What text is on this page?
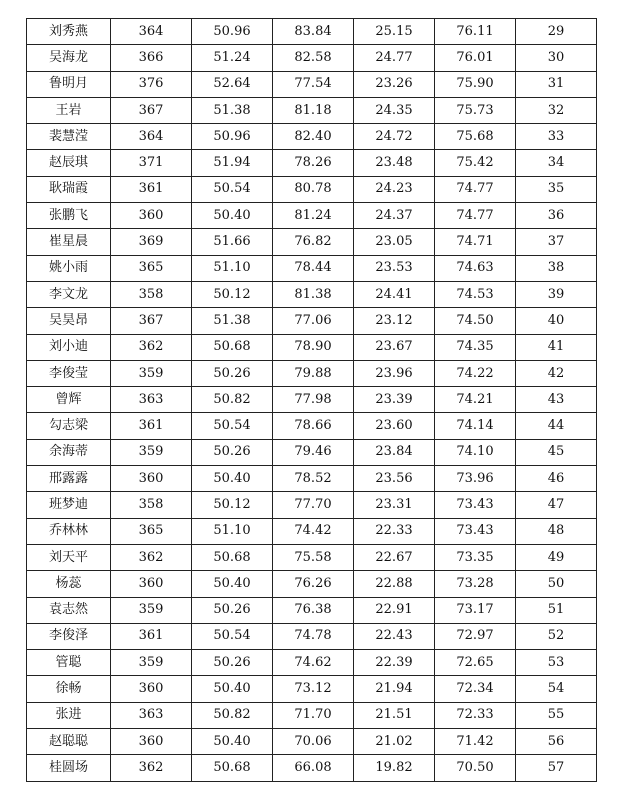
刘秀燕	364	50.96	83.84	25.15	76.11	29
吴海龙	366	51.24	82.58	24.77	76.01	30
鲁明月	376	52.64	77.54	23.26	75.90	31
王岩	367	51.38	81.18	24.35	75.73	32
裴慧滢	364	50.96	82.40	24.72	75.68	33
赵辰琪	371	51.94	78.26	23.48	75.42	34
耿瑞霞	361	50.54	80.78	24.23	74.77	35
张鹏飞	360	50.40	81.24	24.37	74.77	36
崔星晨	369	51.66	76.82	23.05	74.71	37
姚小雨	365	51.10	78.44	23.53	74.63	38
李文龙	358	50.12	81.38	24.41	74.53	39
吴昊昂	367	51.38	77.06	23.12	74.50	40
刘小迪	362	50.68	78.90	23.67	74.35	41
李俊莹	359	50.26	79.88	23.96	74.22	42
曾辉	363	50.82	77.98	23.39	74.21	43
勾志梁	361	50.54	78.66	23.60	74.14	44
余海蒂	359	50.26	79.46	23.84	74.10	45
邢露露	360	50.40	78.52	23.56	73.96	46
班梦迪	358	50.12	77.70	23.31	73.43	47
乔林林	365	51.10	74.42	22.33	73.43	48
刘天平	362	50.68	75.58	22.67	73.35	49
杨蕊	360	50.40	76.26	22.88	73.28	50
袁志然	359	50.26	76.38	22.91	73.17	51
李俊泽	361	50.54	74.78	22.43	72.97	52
管聪	359	50.26	74.62	22.39	72.65	53
徐畅	360	50.40	73.12	21.94	72.34	54
张进	363	50.82	71.70	21.51	72.33	55
赵聪聪	360	50.40	70.06	21.02	71.42	56
桂圆场	362	50.68	66.08	19.82	70.50	57
